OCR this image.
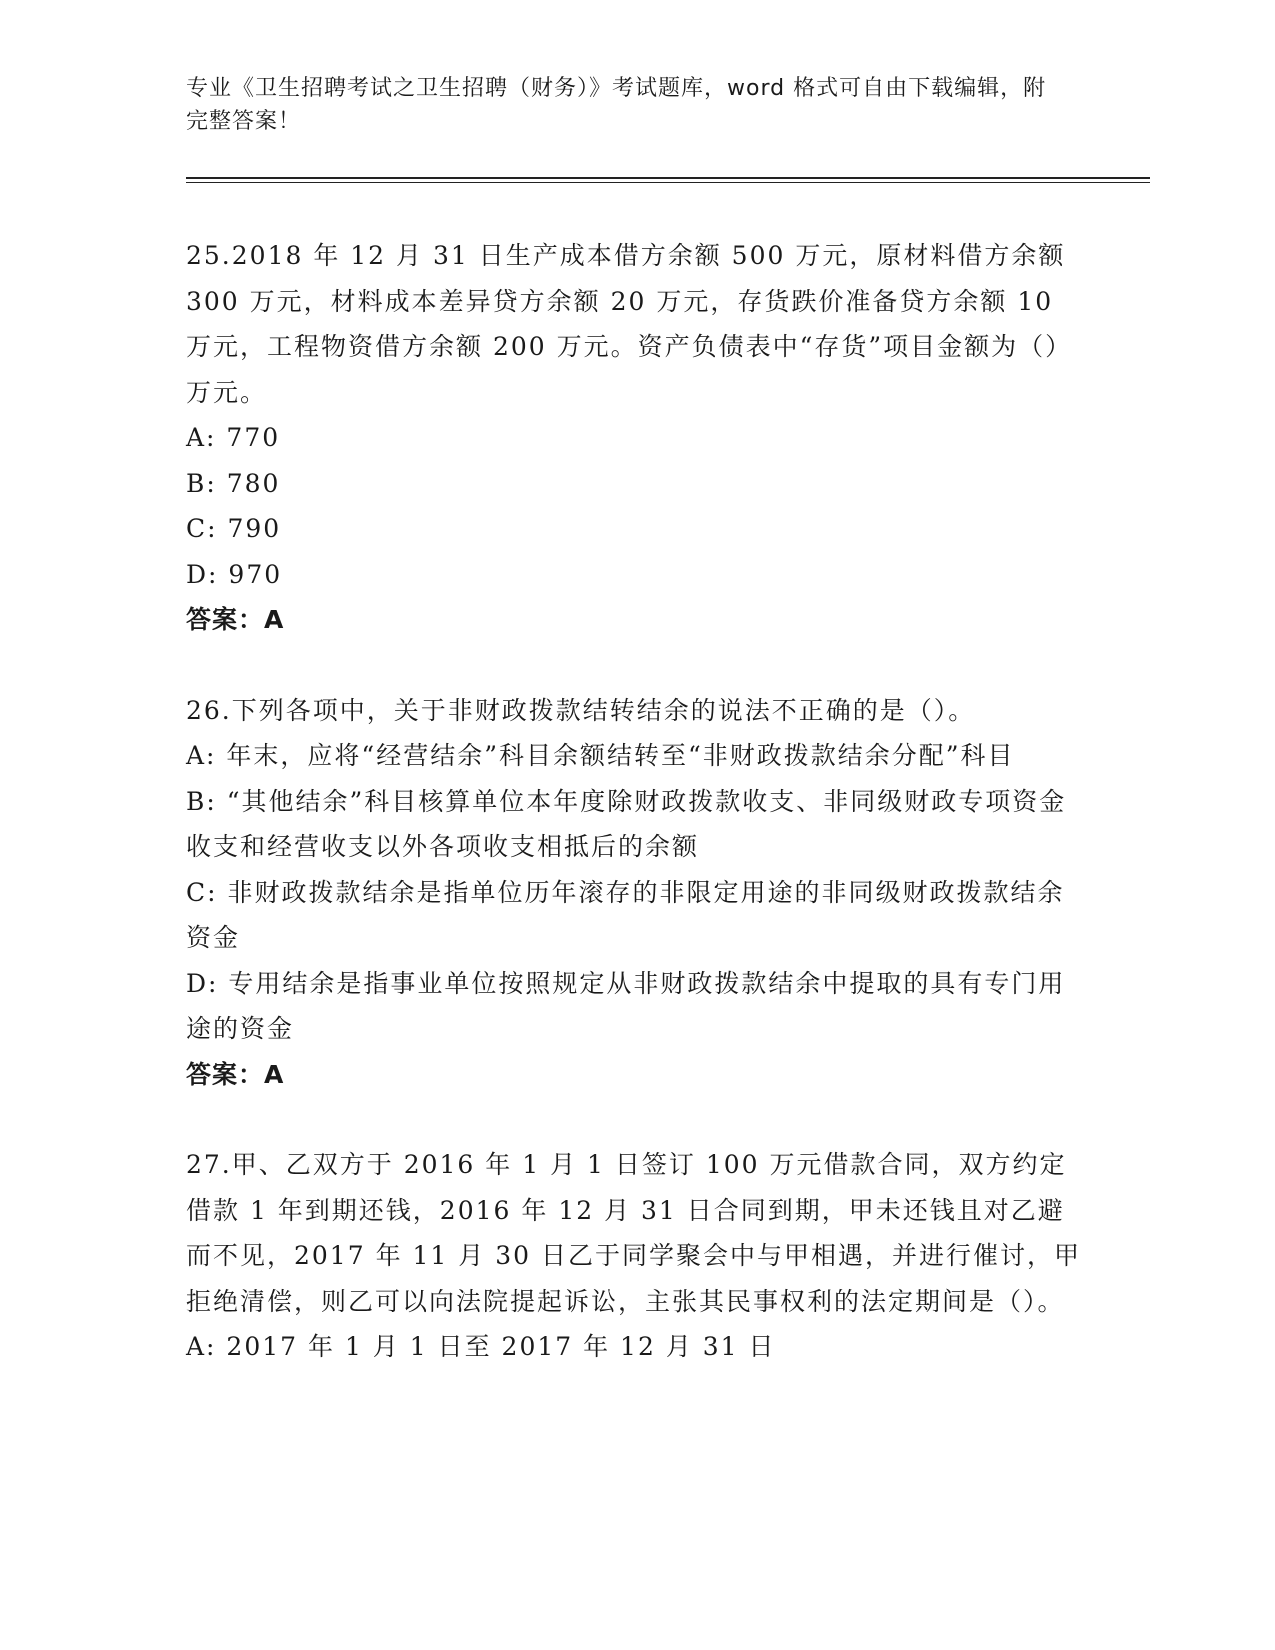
专业《卫生招聘考试之卫生招聘（财务）》考试题库，word 格式可自由下载编辑，附完整答案！

25.2018 年 12 月 31 日生产成本借方余额 500 万元，原材料借方余额 300 万元，材料成本差异贷方余额 20 万元，存货跌价准备贷方余额 10 万元，工程物资借方余额 200 万元。资产负债表中“存货”项目金额为（）万元。

A: 770

B: 780

C: 790

D: 970

答案：A

26.下列各项中，关于非财政拨款结转结余的说法不正确的是（）。

A: 年末，应将“经营结余”科目余额结转至“非财政拨款结余分配”科目

B: “其他结余”科目核算单位本年度除财政拨款收支、非同级财政专项资金收支和经营收支以外各项收支相抵后的余额

C: 非财政拨款结余是指单位历年滚存的非限定用途的非同级财政拨款结余资金

D: 专用结余是指事业单位按照规定从非财政拨款结余中提取的具有专门用途的资金

答案：A

27.甲、乙双方于 2016 年 1 月 1 日签订 100 万元借款合同，双方约定借款 1 年到期还钱，2016 年 12 月 31 日合同到期，甲未还钱且对乙避而不见，2017 年 11 月 30 日乙于同学聚会中与甲相遇，并进行催讨，甲拒绝清偿，则乙可以向法院提起诉讼，主张其民事权利的法定期间是（）。

A: 2017 年 1 月 1 日至 2017 年 12 月 31 日
